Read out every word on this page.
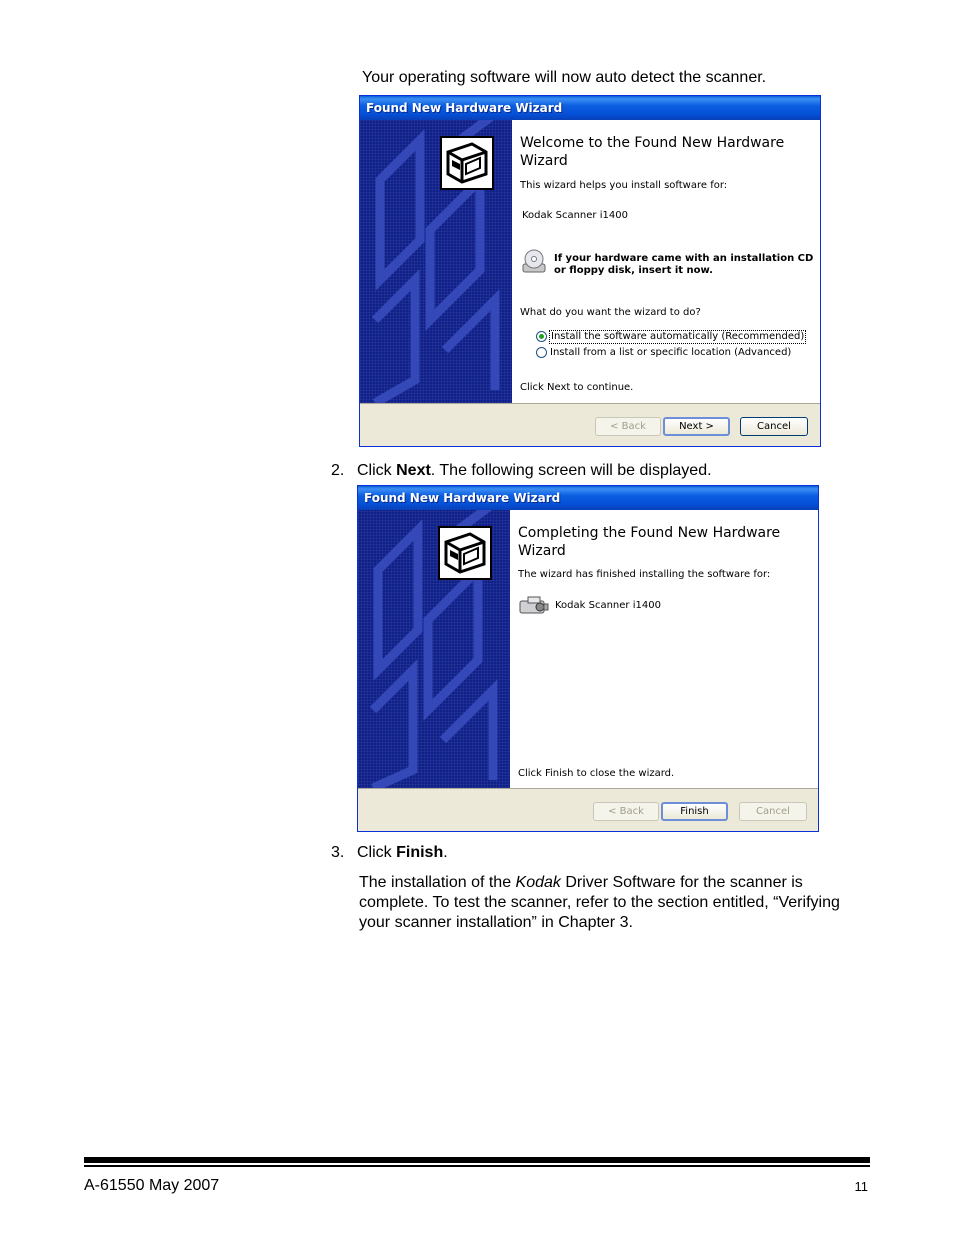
Your operating software will now auto detect the scanner.
Found New Hardware Wizard
Welcome to the Found New Hardware Wizard
This wizard helps you install software for:
Kodak Scanner i1400
If your hardware came with an installation CD
or floppy disk, insert it now.
What do you want the wizard to do?
Install the software automatically (Recommended)
Install from a list or specific location (Advanced)
Click Next to continue.
< Back	Next >	Cancel
2. Click Next. The following screen will be displayed.
Found New Hardware Wizard
Completing the Found New Hardware Wizard
The wizard has finished installing the software for:
Kodak Scanner i1400
Click Finish to close the wizard.
< Back	Finish	Cancel
3. Click Finish.
The installation of the Kodak Driver Software for the scanner is complete. To test the scanner, refer to the section entitled, “Verifying your scanner installation” in Chapter 3.
A-61550 May 2007	11
